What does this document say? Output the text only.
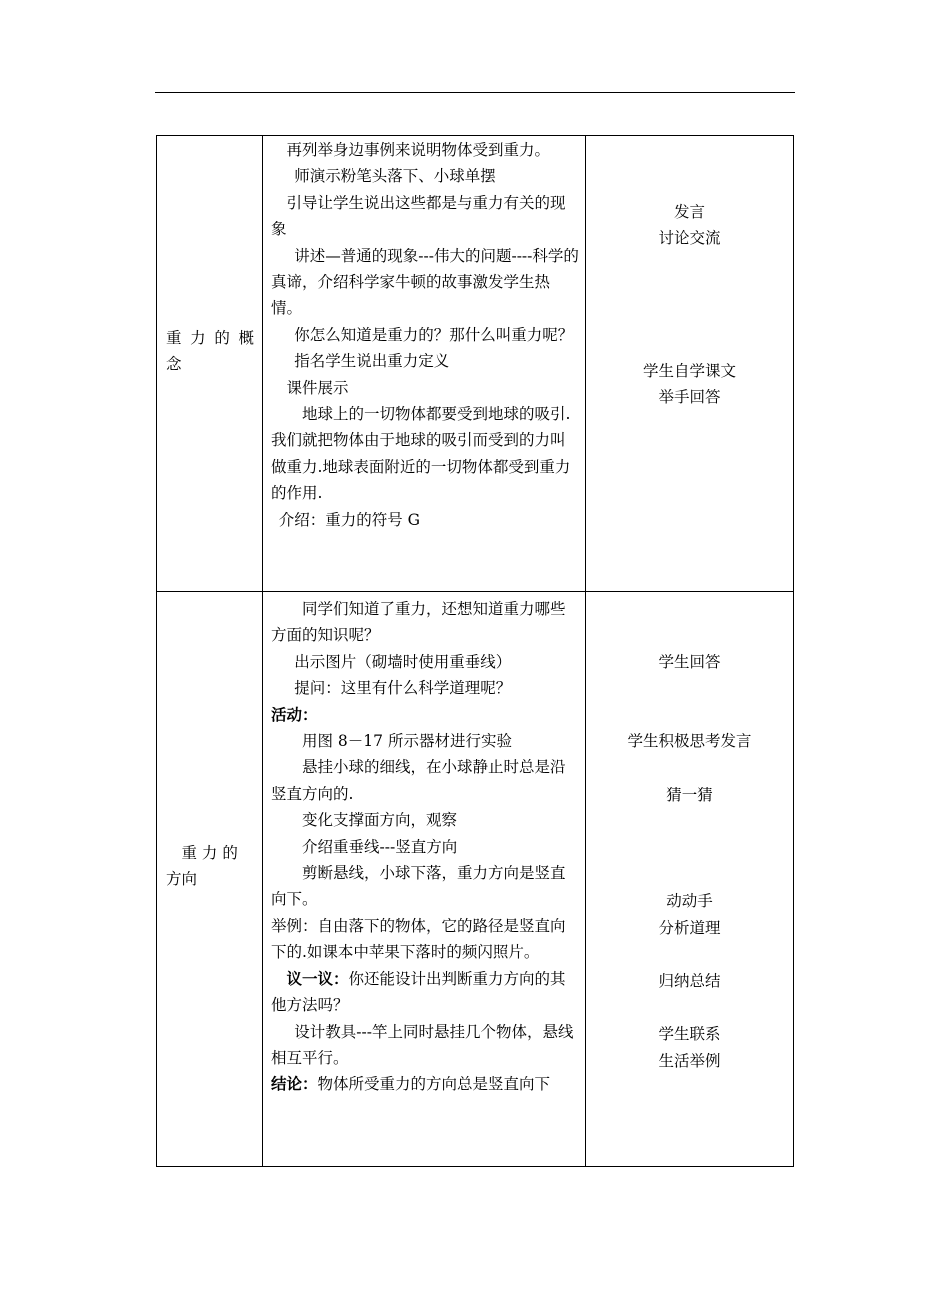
重 力 的 概 念

再列举身边事例来说明物体受到重力。

师演示粉笔头落下、小球单摆

引导让学生说出这些都是与重力有关的现象

讲述—普通的现象---伟大的问题----科学的真谛，介绍科学家牛顿的故事激发学生热情。

你怎么知道是重力的？那什么叫重力呢？

指名学生说出重力定义

课件展示

地球上的一切物体都要受到地球的吸引.我们就把物体由于地球的吸引而受到的力叫做重力.地球表面附近的一切物体都受到重力的作用.

介绍：重力的符号 G

发言

讨论交流

学生自学课文

举手回答

重 力 的 方向

同学们知道了重力，还想知道重力哪些方面的知识呢？

出示图片（砌墙时使用重垂线）

提问：这里有什么科学道理呢？

活动：

用图 8－17 所示器材进行实验

悬挂小球的细线，在小球静止时总是沿竖直方向的.

变化支撑面方向，观察

介绍重垂线---竖直方向

剪断悬线，小球下落，重力方向是竖直向下。

举例：自由落下的物体，它的路径是竖直向下的.如课本中苹果下落时的频闪照片。

议一议：你还能设计出判断重力方向的其他方法吗？

设计教具---竿上同时悬挂几个物体，悬线相互平行。

结论：物体所受重力的方向总是竖直向下

学生回答

学生积极思考发言

猜一猜

动动手

分析道理

归纳总结

学生联系

生活举例
